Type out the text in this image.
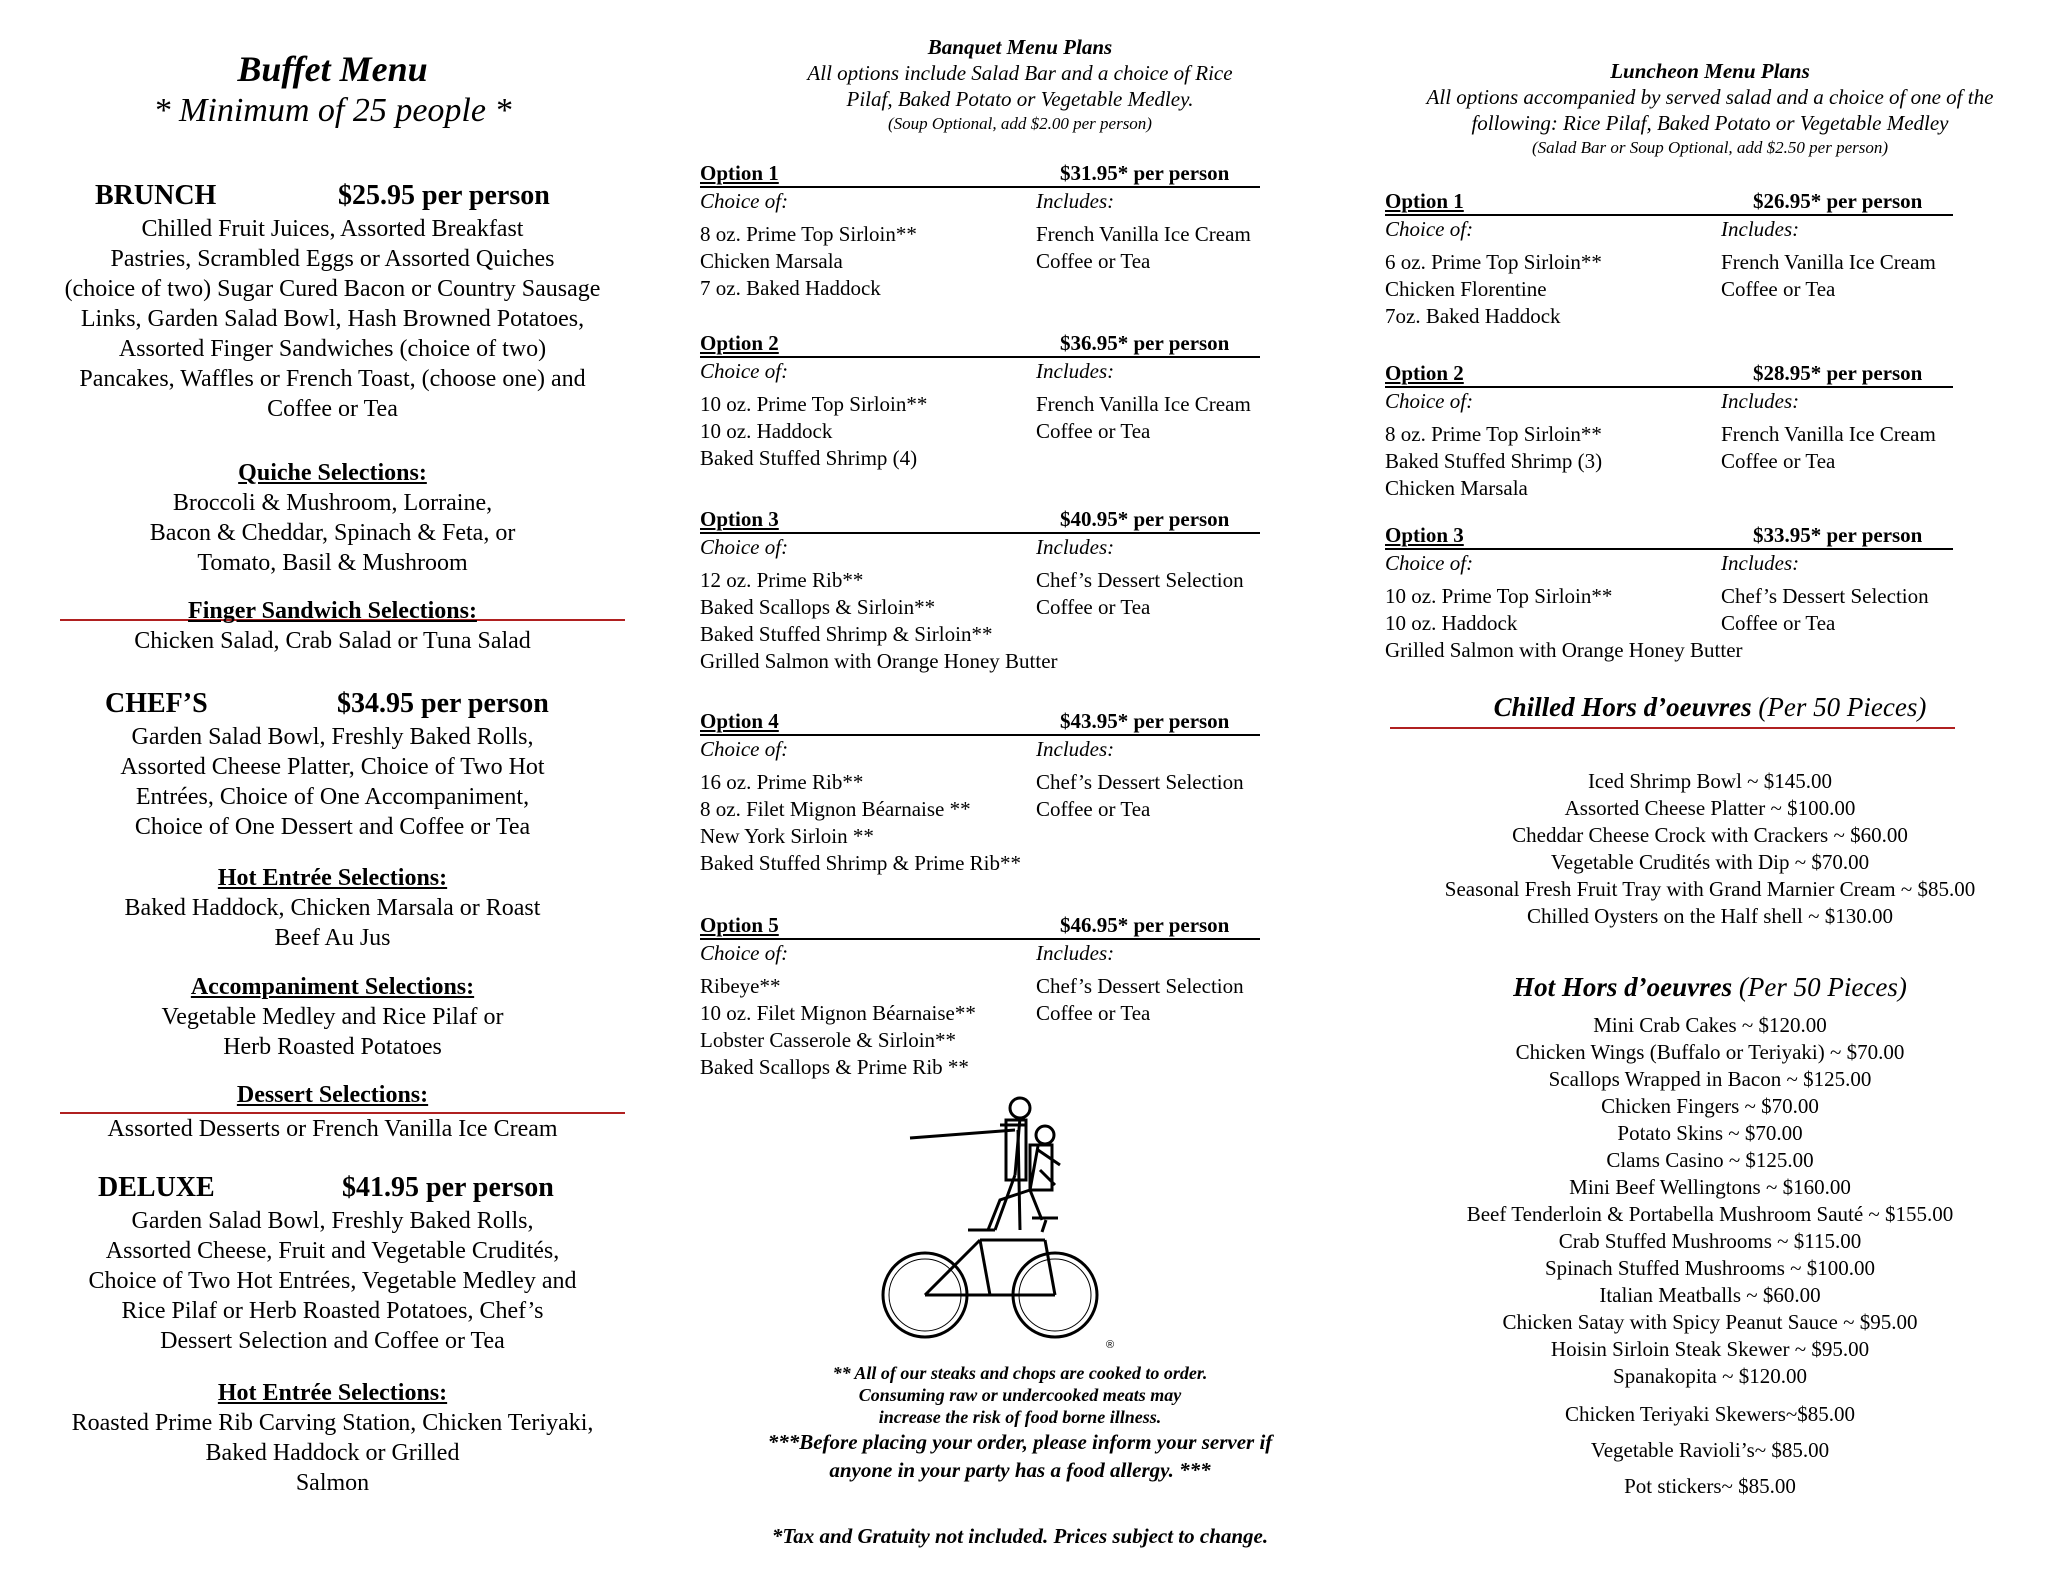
Buffet Menu
* Minimum of 25 people *
BRUNCH	$25.95 per person
Chilled Fruit Juices, Assorted Breakfast
Pastries, Scrambled Eggs or Assorted Quiches
(choice of two) Sugar Cured Bacon or Country Sausage
Links, Garden Salad Bowl, Hash Browned Potatoes,
Assorted Finger Sandwiches (choice of two)
Pancakes, Waffles or French Toast, (choose one) and
Coffee or Tea
Quiche Selections:
Broccoli & Mushroom, Lorraine,
Bacon & Cheddar, Spinach & Feta, or
Tomato, Basil & Mushroom
Finger Sandwich Selections:
Chicken Salad, Crab Salad or Tuna Salad
CHEF’S	$34.95 per person
Garden Salad Bowl, Freshly Baked Rolls,
Assorted Cheese Platter, Choice of Two Hot
Entrées, Choice of One Accompaniment,
Choice of One Dessert and Coffee or Tea
Hot Entrée Selections:
Baked Haddock, Chicken Marsala or Roast
Beef Au Jus
Accompaniment Selections:
Vegetable Medley and Rice Pilaf or
Herb Roasted Potatoes
Dessert Selections:
Assorted Desserts or French Vanilla Ice Cream
DELUXE	$41.95 per person
Garden Salad Bowl, Freshly Baked Rolls,
Assorted Cheese, Fruit and Vegetable Crudités,
Choice of Two Hot Entrées, Vegetable Medley and
Rice Pilaf or Herb Roasted Potatoes, Chef’s
Dessert Selection and Coffee or Tea
Hot Entrée Selections:
Roasted Prime Rib Carving Station, Chicken Teriyaki,
Baked Haddock or Grilled
Salmon
Banquet Menu Plans
All options include Salad Bar and a choice of Rice
Pilaf, Baked Potato or Vegetable Medley.
(Soup Optional, add $2.00 per person)
Option 1	$31.95* per person
Choice of:	Includes:
8 oz. Prime Top Sirloin**	French Vanilla Ice Cream
Chicken Marsala	Coffee or Tea
7 oz. Baked Haddock
Option 2	$36.95* per person
Choice of:	Includes:
10 oz. Prime Top Sirloin**	French Vanilla Ice Cream
10 oz. Haddock	Coffee or Tea
Baked Stuffed Shrimp (4)
Option 3	$40.95* per person
Choice of:	Includes:
12 oz. Prime Rib**	Chef’s Dessert Selection
Baked Scallops & Sirloin**	Coffee or Tea
Baked Stuffed Shrimp & Sirloin**
Grilled Salmon with Orange Honey Butter
Option 4	$43.95* per person
Choice of:	Includes:
16 oz. Prime Rib**	Chef’s Dessert Selection
8 oz. Filet Mignon Béarnaise **	Coffee or Tea
New York Sirloin **
Baked Stuffed Shrimp & Prime Rib**
Option 5	$46.95* per person
Choice of:	Includes:
Ribeye**	Chef’s Dessert Selection
10 oz. Filet Mignon Béarnaise**	Coffee or Tea
Lobster Casserole & Sirloin**
Baked Scallops & Prime Rib **
®
** All of our steaks and chops are cooked to order.
Consuming raw or undercooked meats may
increase the risk of food borne illness.
***Before placing your order, please inform your server if
anyone in your party has a food allergy. ***
*Tax and Gratuity not included. Prices subject to change.
Luncheon Menu Plans
All options accompanied by served salad and a choice of one of the
following: Rice Pilaf, Baked Potato or Vegetable Medley
(Salad Bar or Soup Optional, add $2.50 per person)
Option 1	$26.95* per person
Choice of:	Includes:
6 oz. Prime Top Sirloin**	French Vanilla Ice Cream
Chicken Florentine	Coffee or Tea
7oz. Baked Haddock
Option 2	$28.95* per person
Choice of:	Includes:
8 oz. Prime Top Sirloin**	French Vanilla Ice Cream
Baked Stuffed Shrimp (3)	Coffee or Tea
Chicken Marsala
Option 3	$33.95* per person
Choice of:	Includes:
10 oz. Prime Top Sirloin**	Chef’s Dessert Selection
10 oz. Haddock	Coffee or Tea
Grilled Salmon with Orange Honey Butter
Chilled Hors d’oeuvres (Per 50 Pieces)
Iced Shrimp Bowl ~ $145.00
Assorted Cheese Platter ~ $100.00
Cheddar Cheese Crock with Crackers ~ $60.00
Vegetable Crudités with Dip ~ $70.00
Seasonal Fresh Fruit Tray with Grand Marnier Cream ~ $85.00
Chilled Oysters on the Half shell ~ $130.00
Hot Hors d’oeuvres (Per 50 Pieces)
Mini Crab Cakes ~ $120.00
Chicken Wings (Buffalo or Teriyaki) ~ $70.00
Scallops Wrapped in Bacon ~ $125.00
Chicken Fingers ~ $70.00
Potato Skins ~ $70.00
Clams Casino ~ $125.00
Mini Beef Wellingtons ~ $160.00
Beef Tenderloin & Portabella Mushroom Sauté ~ $155.00
Crab Stuffed Mushrooms ~ $115.00
Spinach Stuffed Mushrooms ~ $100.00
Italian Meatballs ~ $60.00
Chicken Satay with Spicy Peanut Sauce ~ $95.00
Hoisin Sirloin Steak Skewer ~ $95.00
Spanakopita ~ $120.00
Chicken Teriyaki Skewers~$85.00
Vegetable Ravioli’s~ $85.00
Pot stickers~ $85.00
